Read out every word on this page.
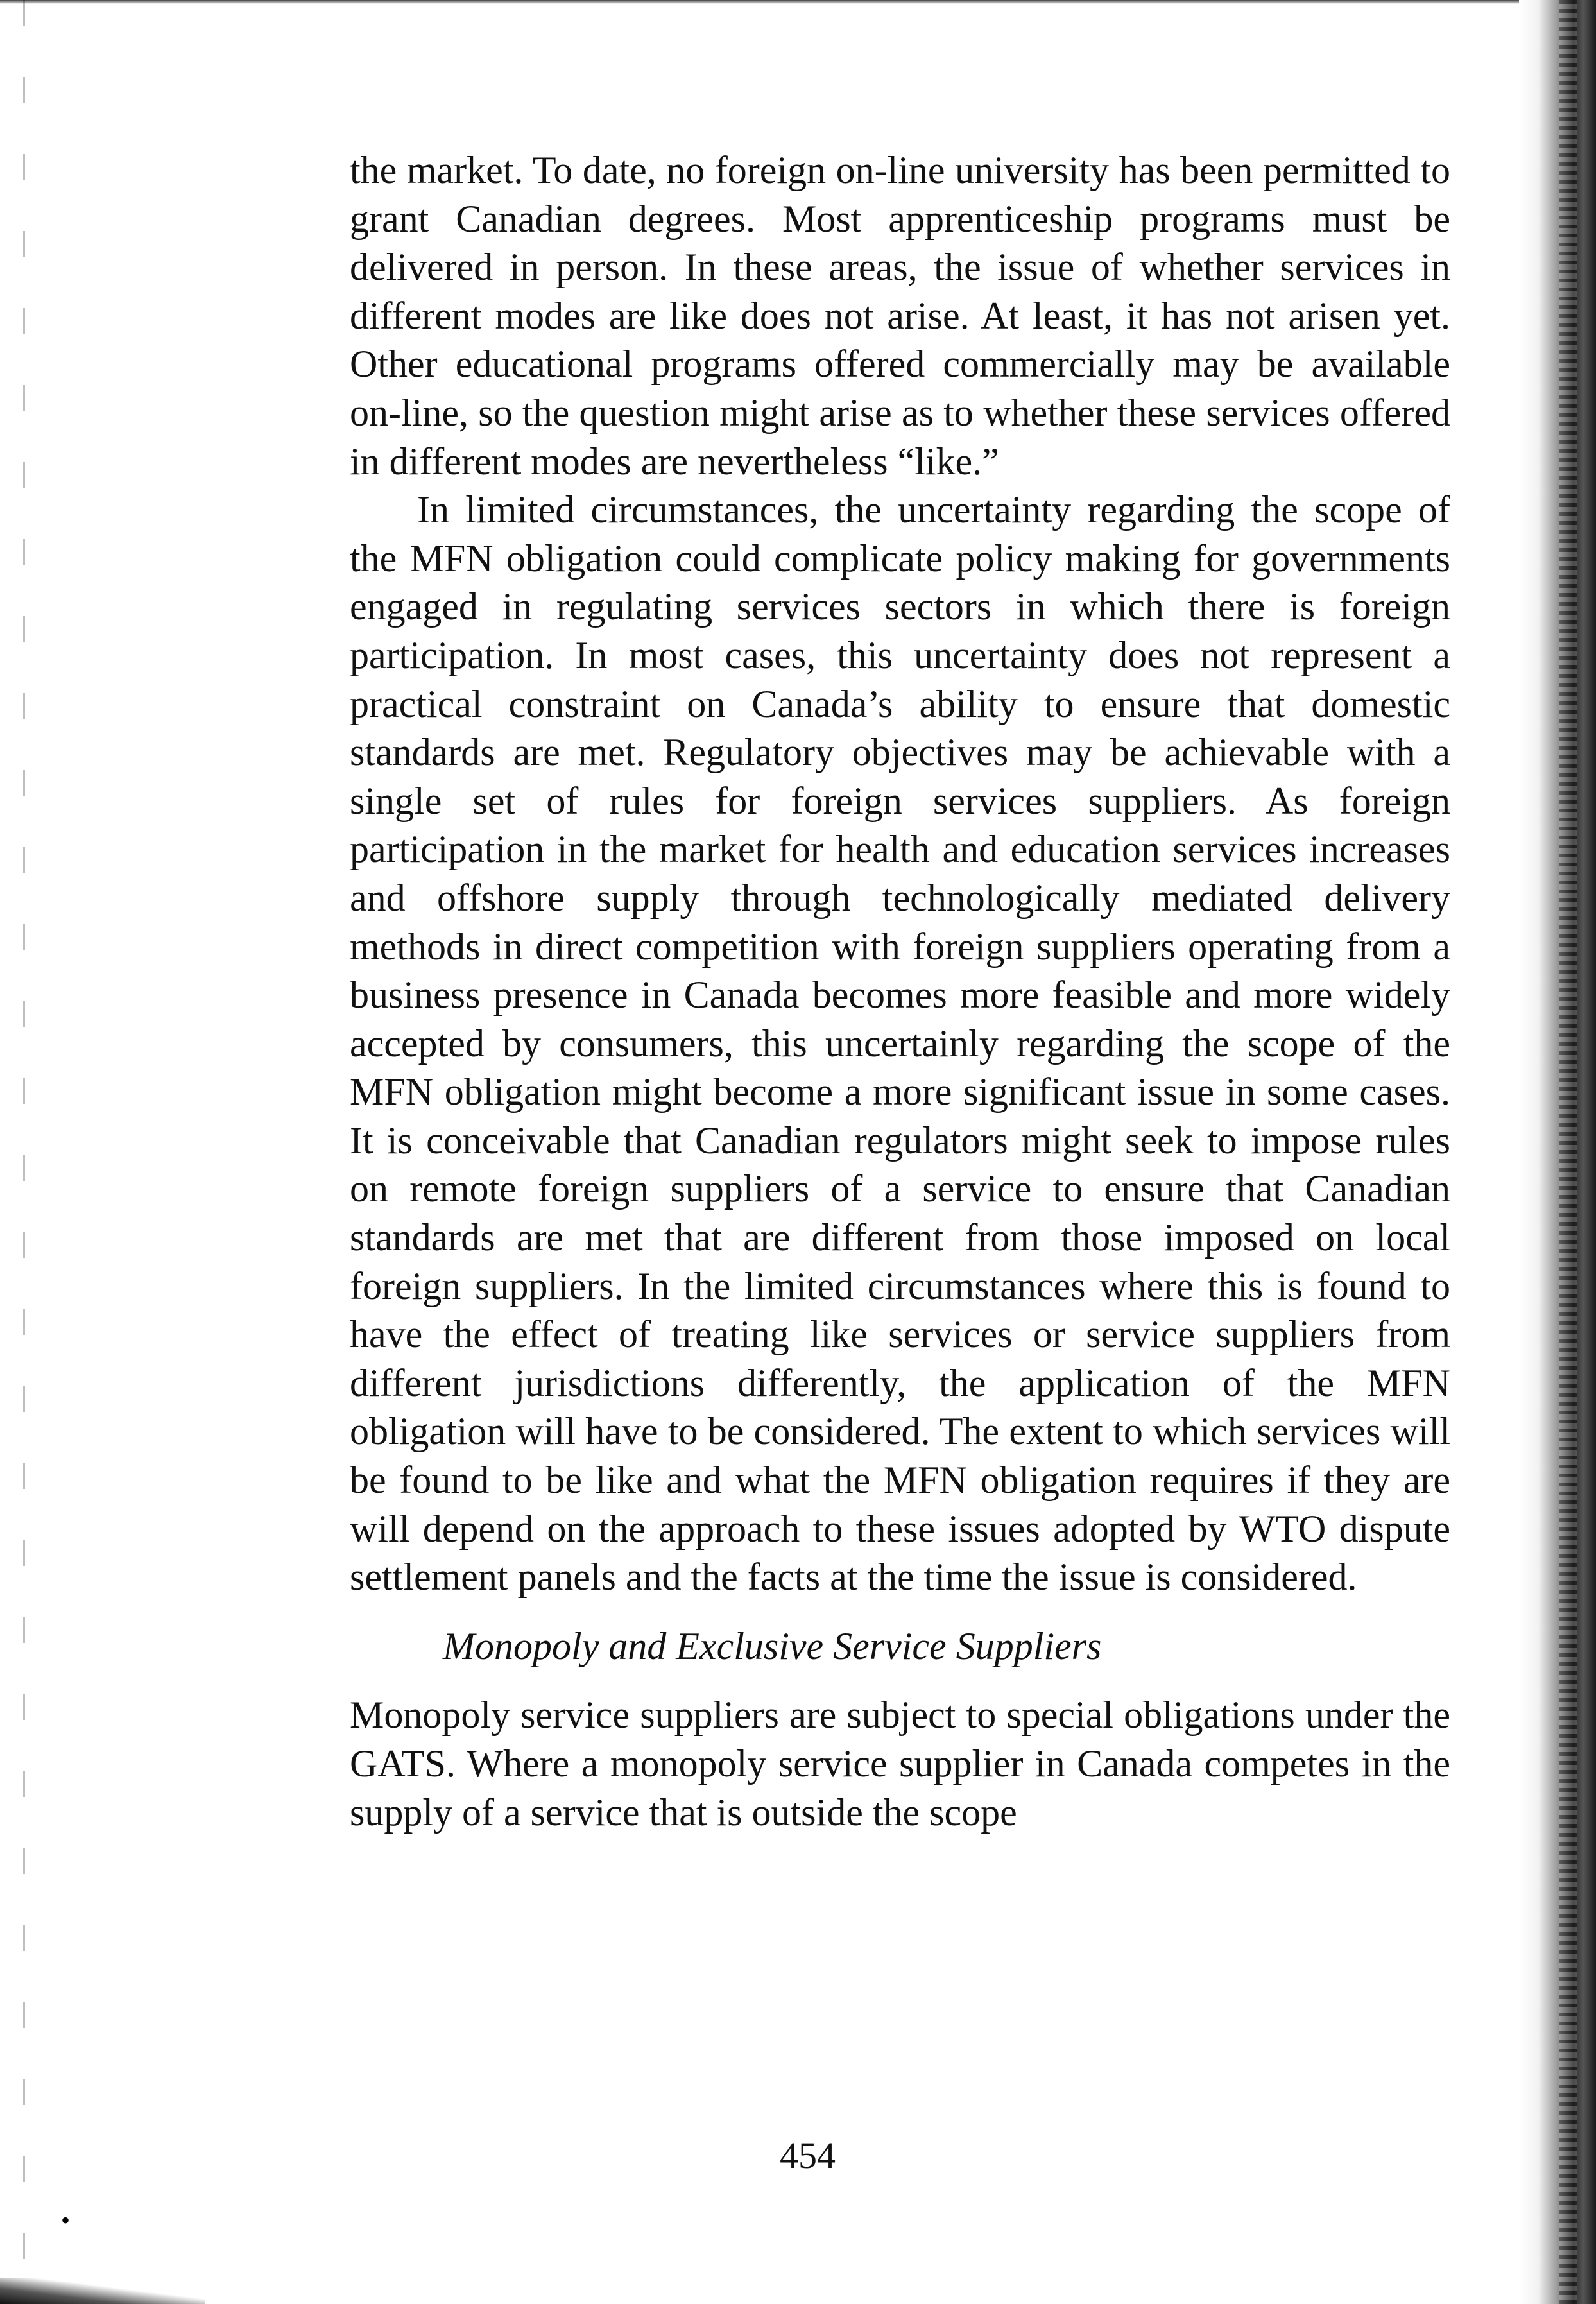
•

the market. To date, no foreign on-line university has been permitted to grant Canadian degrees. Most apprenticeship programs must be delivered in person. In these areas, the issue of whether services in different modes are like does not arise. At least, it has not arisen yet. Other educational programs offered commercially may be available on-line, so the question might arise as to whether these services offered in different modes are nevertheless “like.”

In limited circumstances, the uncertainty regarding the scope of the MFN obligation could complicate policy making for governments engaged in regulating services sectors in which there is foreign participation. In most cases, this uncertainty does not represent a practical constraint on Canada’s ability to ensure that domestic standards are met. Regulatory objectives may be achievable with a single set of rules for foreign services suppliers. As foreign participation in the market for health and education services increases and offshore supply through technologically mediated delivery methods in direct competition with foreign suppliers operating from a business presence in Canada becomes more feasible and more widely accepted by consumers, this uncertainly regarding the scope of the MFN obligation might become a more significant issue in some cases. It is conceivable that Canadian regulators might seek to impose rules on remote foreign suppliers of a service to ensure that Canadian standards are met that are different from those imposed on local foreign suppliers. In the limited circumstances where this is found to have the effect of treating like services or service suppliers from different jurisdictions differently, the application of the MFN obligation will have to be considered. The extent to which services will be found to be like and what the MFN obligation requires if they are will depend on the approach to these issues adopted by WTO dispute settlement panels and the facts at the time the issue is considered.

Monopoly and Exclusive Service Suppliers

Monopoly service suppliers are subject to special obligations under the GATS. Where a monopoly service supplier in Canada competes in the supply of a service that is outside the scope

454
